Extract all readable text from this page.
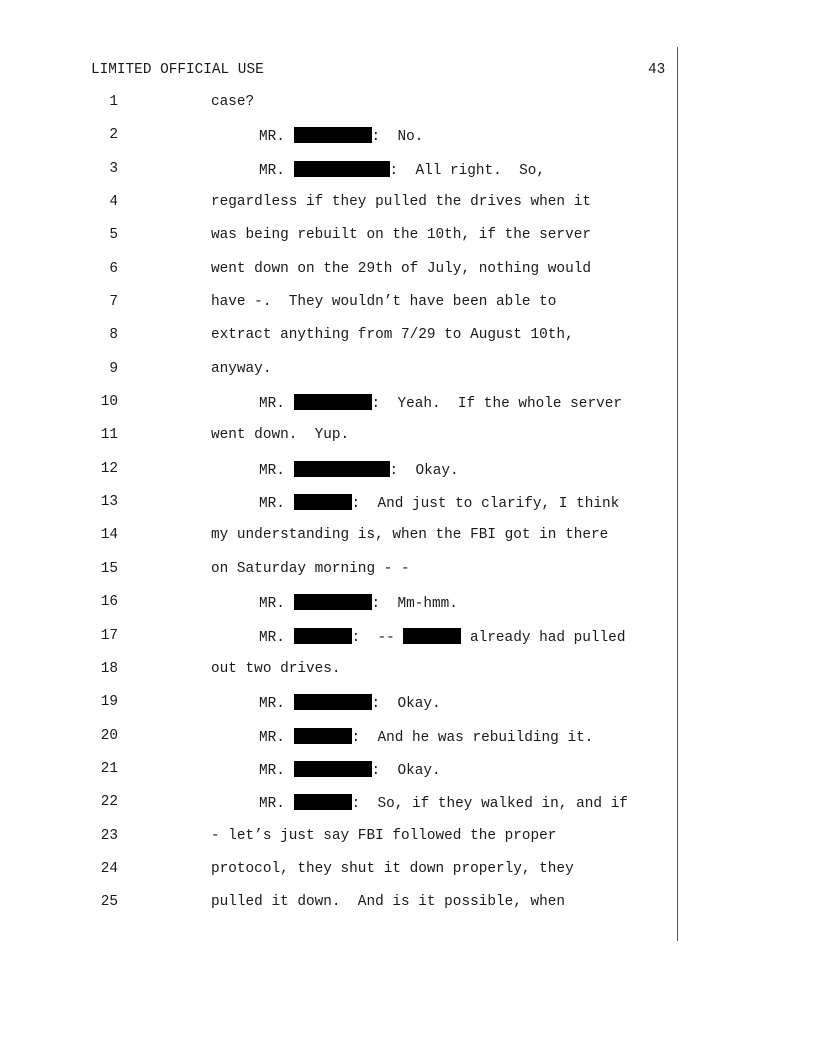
LIMITED OFFICIAL USE	43
1	case?
2	MR.	:  No.
3	MR.	:  All right.  So,
4	regardless if they pulled the drives when it
5	was being rebuilt on the 10th, if the server
6	went down on the 29th of July, nothing would
7	have -.  They wouldn’t have been able to
8	extract anything from 7/29 to August 10th,
9	anyway.
10	MR.	:  Yeah.  If the whole server
11	went down.  Yup.
12	MR.	:  Okay.
13	MR.	:  And just to clarify, I think
14	my understanding is, when the FBI got in there
15	on Saturday morning - -
16	MR.	:  Mm-hmm.
17	MR.	:  --	already had pulled
18	out two drives.
19	MR.	:  Okay.
20	MR.	:  And he was rebuilding it.
21	MR.	:  Okay.
22	MR.	:  So, if they walked in, and if
23	- let’s just say FBI followed the proper
24	protocol, they shut it down properly, they
25	pulled it down.  And is it possible, when
